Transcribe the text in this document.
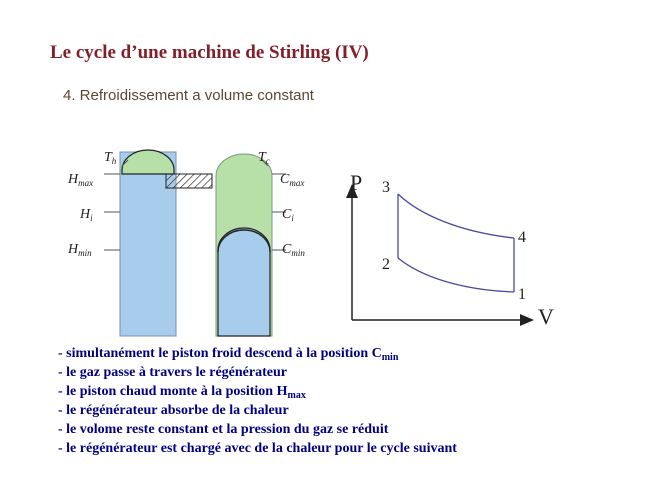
Le cycle d’une machine de Stirling (IV)
4. Refroidissement a volume constant
$T_h$	$T_c$
$H_{max}$
$H_i$
$H_{min}$
$C_{max}$
$C_i$
$C_{min}$
P
V
1
2
3
4
- simultanément le piston froid descend à la position $C_{min}$
- le gaz passe à travers le régénérateur
- le piston chaud monte à la position $H_{max}$
- le régénérateur absorbe de la chaleur
- le volome reste constant et la pression du gaz se réduit
- le régénérateur est chargé avec de la chaleur pour le cycle suivant
